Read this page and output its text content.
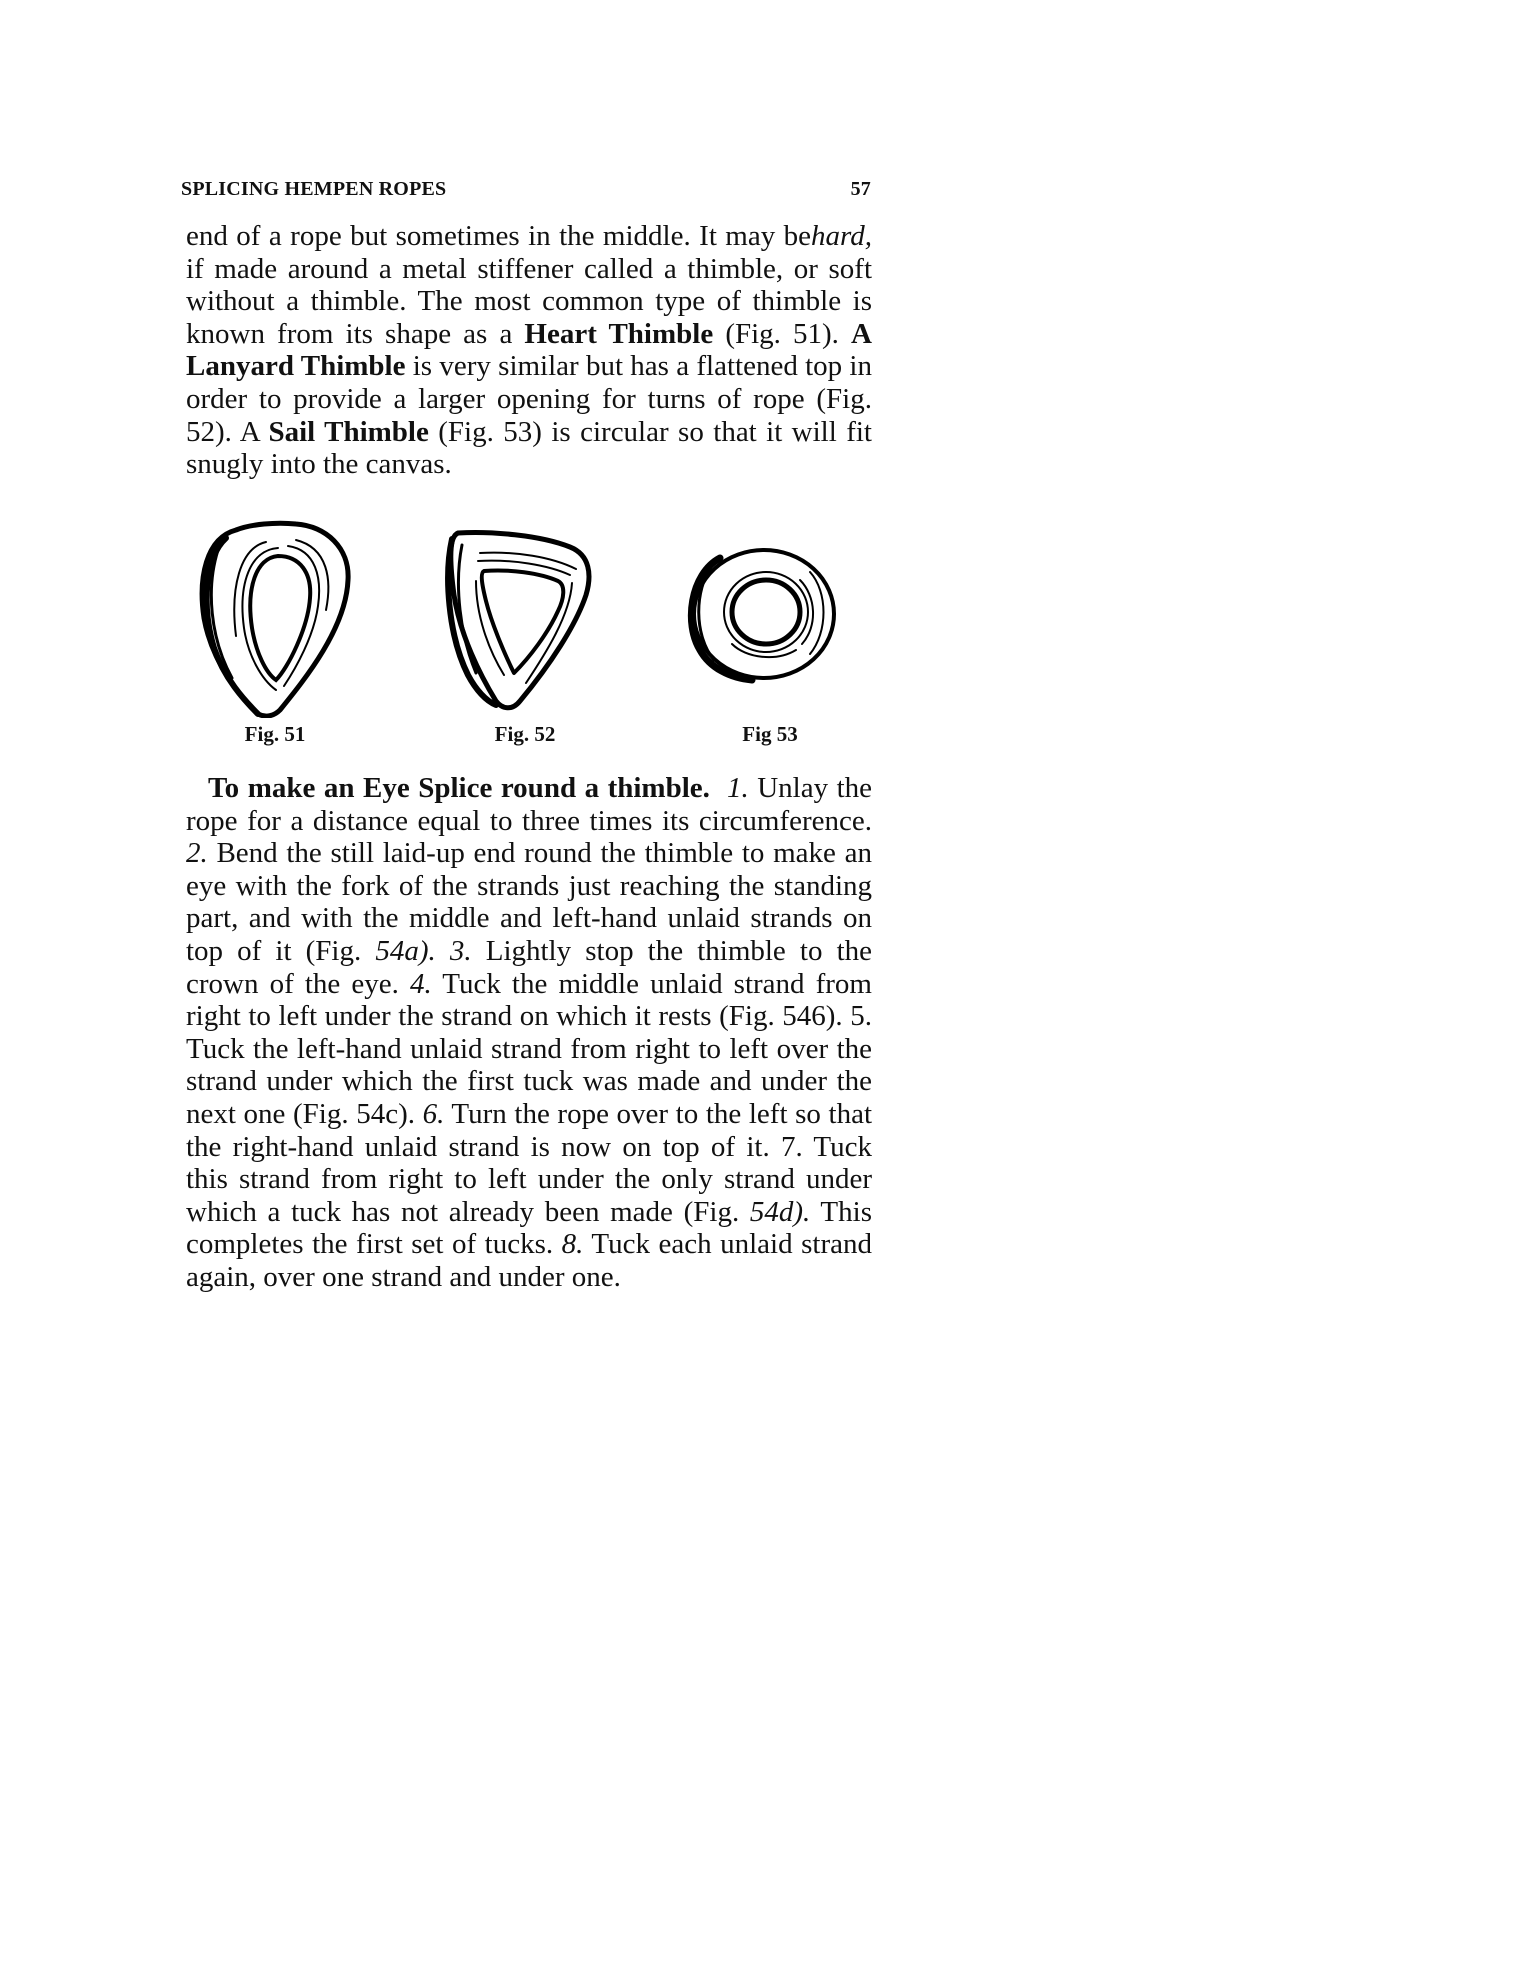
SPLICING HEMPEN ROPES	57

end of a rope but sometimes in the middle. It may behard, if made around a metal stiffener called a thimble, or soft without a thimble. The most common type of thimble is known from its shape as a Heart Thimble (Fig. 51). A Lanyard Thimble is very similar but has a flattened top in order to provide a larger opening for turns of rope (Fig. 52). A Sail Thimble (Fig. 53) is circular so that it will fit snugly into the canvas.

Fig. 51	Fig. 52	Fig 53

To make an Eye Splice round a thimble. 1. Unlay the rope for a distance equal to three times its circumference. 2. Bend the still laid-up end round the thimble to make an eye with the fork of the strands just reaching the standing part, and with the middle and left-hand unlaid strands on top of it (Fig. 54a). 3. Lightly stop the thimble to the crown of the eye. 4. Tuck the middle unlaid strand from right to left under the strand on which it rests (Fig. 546). 5. Tuck the left-hand unlaid strand from right to left over the strand under which the first tuck was made and under the next one (Fig. 54c). 6. Turn the rope over to the left so that the right-hand unlaid strand is now on top of it. 7. Tuck this strand from right to left under the only strand under which a tuck has not already been made (Fig. 54d). This completes the first set of tucks. 8. Tuck each unlaid strand again, over one strand and under one.
